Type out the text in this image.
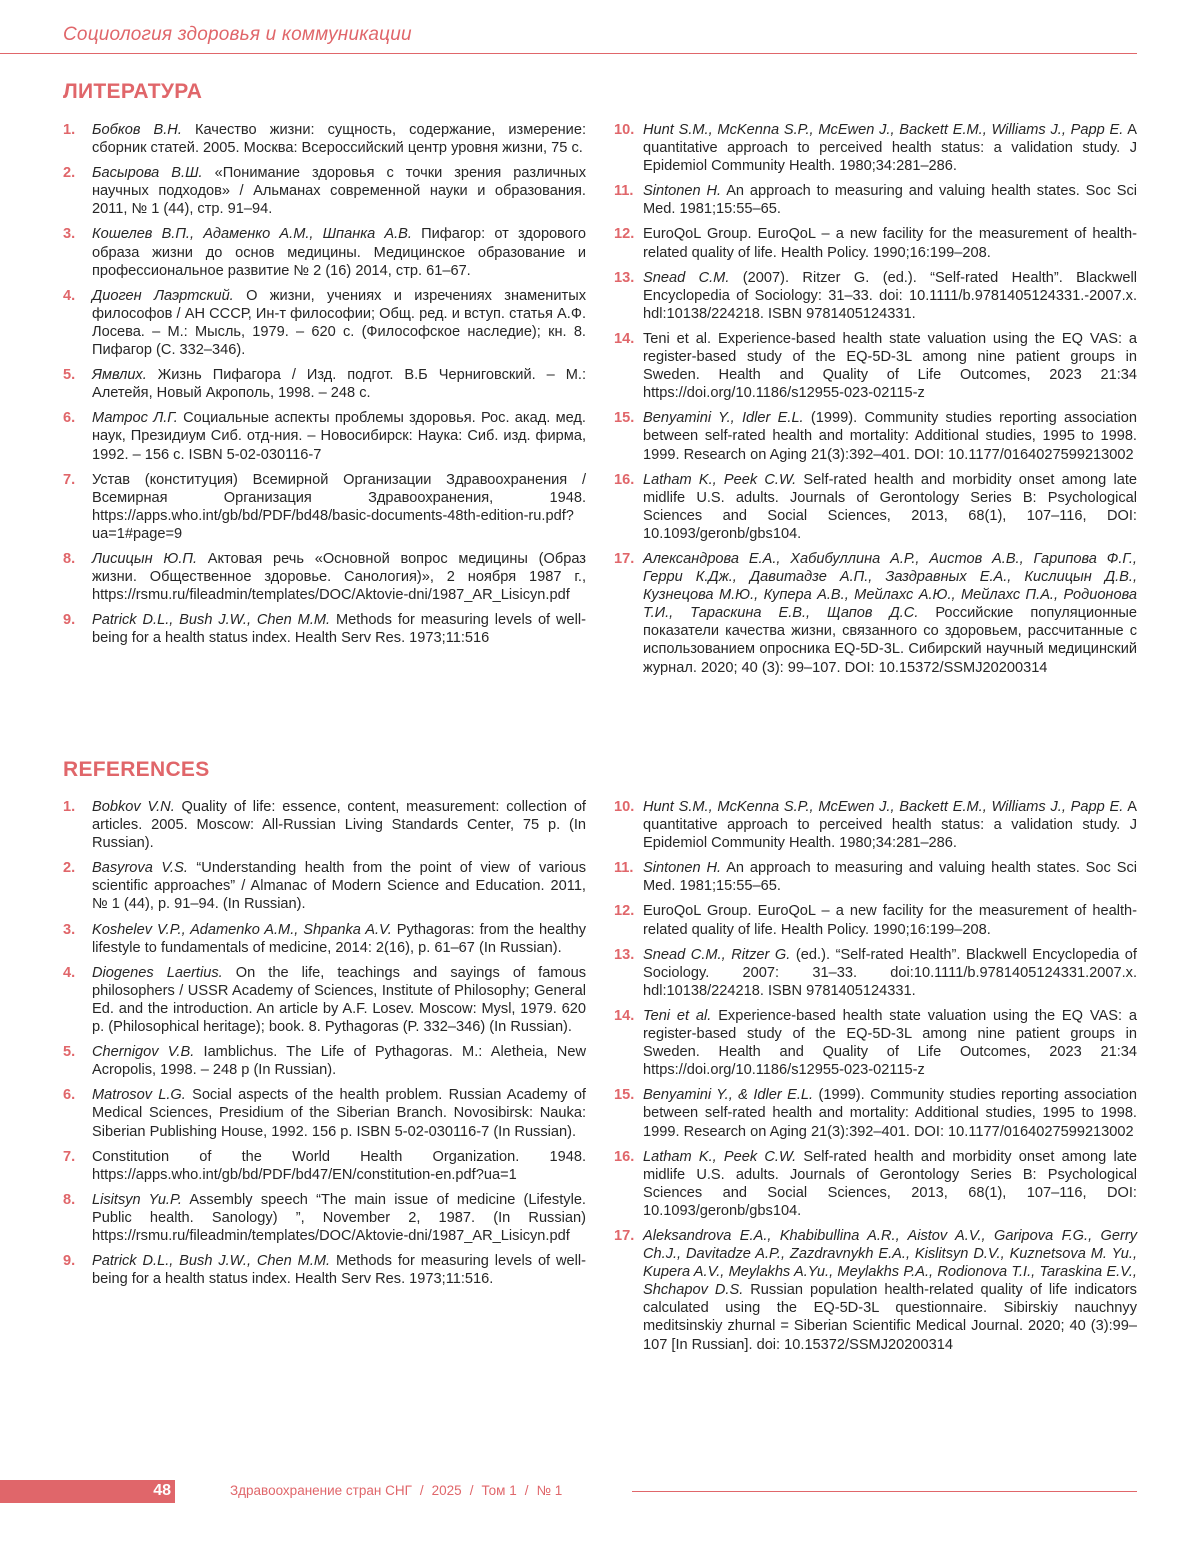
Социология здоровья и коммуникации
ЛИТЕРАТУРА
1. Бобков В.Н. Качество жизни: сущность, содержание, измерение: сборник статей. 2005. Москва: Всероссийский центр уровня жизни, 75 с.
2. Басырова В.Ш. «Понимание здоровья с точки зрения различных научных подходов» / Альманах современной науки и образования. 2011, № 1 (44), стр. 91–94.
3. Кошелев В.П., Адаменко А.М., Шпанка А.В. Пифагор: от здорового образа жизни до основ медицины. Медицинское образование и профессиональное развитие № 2 (16) 2014, стр. 61–67.
4. Диоген Лаэртский. О жизни, учениях и изречениях знаменитых философов / АН СССР, Ин-т философии; Общ. ред. и вступ. статья А.Ф. Лосева. – М.: Мысль, 1979. – 620 с. (Философское наследие); кн. 8. Пифагор (С. 332–346).
5. Ямвлих. Жизнь Пифагора / Изд. подгот. В.Б Черниговский. – М.: Алетейя, Новый Акрополь, 1998. – 248 с.
6. Матрос Л.Г. Социальные аспекты проблемы здоровья. Рос. акад. мед. наук, Президиум Сиб. отд-ния. – Новосибирск: Наука: Сиб. изд. фирма, 1992. – 156 с. ISBN 5-02-030116-7
7. Устав (конституция) Всемирной Организации Здравоохранения / Всемирная Организация Здравоохранения, 1948. https://apps.who.int/gb/bd/PDF/bd48/basic-documents-48th-edition-ru.pdf?ua=1#page=9
8. Лисицын Ю.П. Актовая речь «Основной вопрос медицины (Образ жизни. Общественное здоровье. Санология)», 2 ноября 1987 г., https://rsmu.ru/fileadmin/templates/DOC/Aktovie-dni/1987_AR_Lisicyn.pdf
9. Patrick D.L., Bush J.W., Chen M.M. Methods for measuring levels of well-being for a health status index. Health Serv Res. 1973;11:516
10. Hunt S.M., McKenna S.P., McEwen J., Backett E.M., Williams J., Papp E. A quantitative approach to perceived health status: a validation study. J Epidemiol Community Health. 1980;34:281–286.
11. Sintonen H. An approach to measuring and valuing health states. Soc Sci Med. 1981;15:55–65.
12. EuroQoL Group. EuroQoL – a new facility for the measurement of health-related quality of life. Health Policy. 1990;16:199–208.
13. Snead C.M. (2007). Ritzer G. (ed.). “Self-rated Health”. Blackwell Encyclopedia of Sociology: 31–33. doi: 10.1111/b.9781405124331.-2007.x. hdl:10138/224218. ISBN 9781405124331.
14. Teni et al. Experience-based health state valuation using the EQ VAS: a register-based study of the EQ-5D-3L among nine patient groups in Sweden. Health and Quality of Life Outcomes, 2023 21:34 https://doi.org/10.1186/s12955-023-02115-z
15. Benyamini Y., Idler E.L. (1999). Community studies reporting association between self-rated health and mortality: Additional studies, 1995 to 1998. 1999. Research on Aging 21(3):392–401. DOI: 10.1177/0164027599213002
16. Latham K., Peek C.W. Self-rated health and morbidity onset among late midlife U.S. adults. Journals of Gerontology Series B: Psychological Sciences and Social Sciences, 2013, 68(1), 107–116, DOI: 10.1093/geronb/gbs104.
17. Александрова Е.А., Хабибуллина А.Р., Аистов А.В., Гарипова Ф.Г., Герри К.Дж., Давитадзе А.П., Заздравных Е.А., Кислицын Д.В., Кузнецова М.Ю., Купера А.В., Мейлахс А.Ю., Мейлахс П.А., Родионова Т.И., Тараскина Е.В., Щапов Д.С. Российские популяционные показатели качества жизни, связанного со здоровьем, рассчитанные с использованием опросника EQ-5D-3L. Сибирский научный медицинский журнал. 2020; 40 (3): 99–107. DOI: 10.15372/SSMJ20200314
REFERENCES
1. Bobkov V.N. Quality of life: essence, content, measurement: collection of articles. 2005. Moscow: All-Russian Living Standards Center, 75 p. (In Russian).
2. Basyrova V.S. “Understanding health from the point of view of various scientific approaches” / Almanac of Modern Science and Education. 2011, № 1 (44), p. 91–94. (In Russian).
3. Koshelev V.P., Adamenko A.M., Shpanka A.V. Pythagoras: from the healthy lifestyle to fundamentals of medicine, 2014: 2(16), p. 61–67 (In Russian).
4. Diogenes Laertius. On the life, teachings and sayings of famous philosophers / USSR Academy of Sciences, Institute of Philosophy; General Ed. and the introduction. An article by A.F. Losev. Moscow: Mysl, 1979. 620 p. (Philosophical heritage); book. 8. Pythagoras (P. 332–346) (In Russian).
5. Chernigov V.B. Iamblichus. The Life of Pythagoras. M.: Aletheia, New Acropolis, 1998. – 248 p (In Russian).
6. Matrosov L.G. Social aspects of the health problem. Russian Academy of Medical Sciences, Presidium of the Siberian Branch. Novosibirsk: Nauka: Siberian Publishing House, 1992. 156 p. ISBN 5-02-030116-7 (In Russian).
7. Constitution of the World Health Organization. 1948. https://apps.who.int/gb/bd/PDF/bd47/EN/constitution-en.pdf?ua=1
8. Lisitsyn Yu.P. Assembly speech “The main issue of medicine (Lifestyle. Public health. Sanology) ”, November 2, 1987. (In Russian) https://rsmu.ru/fileadmin/templates/DOC/Aktovie-dni/1987_AR_Lisicyn.pdf
9. Patrick D.L., Bush J.W., Chen M.M. Methods for measuring levels of well-being for a health status index. Health Serv Res. 1973;11:516.
10. Hunt S.M., McKenna S.P., McEwen J., Backett E.M., Williams J., Papp E. A quantitative approach to perceived health status: a validation study. J Epidemiol Community Health. 1980;34:281–286.
11. Sintonen H. An approach to measuring and valuing health states. Soc Sci Med. 1981;15:55–65.
12. EuroQoL Group. EuroQoL – a new facility for the measurement of health-related quality of life. Health Policy. 1990;16:199–208.
13. Snead C.M., Ritzer G. (ed.). “Self-rated Health”. Blackwell Encyclopedia of Sociology. 2007: 31–33. doi:10.1111/b.9781405124331.2007.x. hdl:10138/224218. ISBN 9781405124331.
14. Teni et al. Experience-based health state valuation using the EQ VAS: a register-based study of the EQ-5D-3L among nine patient groups in Sweden. Health and Quality of Life Outcomes, 2023 21:34 https://doi.org/10.1186/s12955-023-02115-z
15. Benyamini Y., & Idler E.L. (1999). Community studies reporting association between self-rated health and mortality: Additional studies, 1995 to 1998. 1999. Research on Aging 21(3):392–401. DOI: 10.1177/0164027599213002
16. Latham K., Peek C.W. Self-rated health and morbidity onset among late midlife U.S. adults. Journals of Gerontology Series B: Psychological Sciences and Social Sciences, 2013, 68(1), 107–116, DOI: 10.1093/geronb/gbs104.
17. Aleksandrova E.A., Khabibullina A.R., Aistov A.V., Garipova F.G., Gerry Ch.J., Davitadze A.P., Zazdravnykh E.A., Kislitsyn D.V., Kuznetsova M. Yu., Kupera A.V., Meylakhs A.Yu., Meylakhs P.A., Rodionova T.I., Taraskina E.V., Shchapov D.S. Russian population health-related quality of life indicators calculated using the EQ-5D-3L questionnaire. Sibirskiy nauchnyy meditsinskiy zhurnal = Siberian Scientific Medical Journal. 2020; 40 (3):99–107 [In Russian]. doi: 10.15372/SSMJ20200314
48	Здравоохранение стран СНГ / 2025 / Том 1 / № 1
